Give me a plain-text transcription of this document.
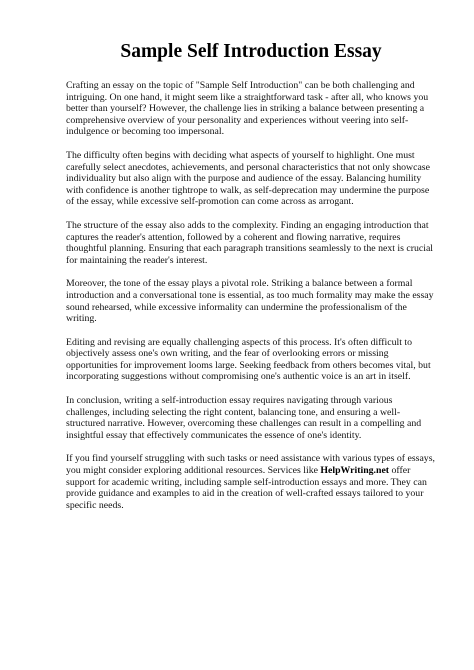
Sample Self Introduction Essay

Crafting an essay on the topic of "Sample Self Introduction" can be both challenging and intriguing. On one hand, it might seem like a straightforward task - after all, who knows you better than yourself? However, the challenge lies in striking a balance between presenting a comprehensive overview of your personality and experiences without veering into self-indulgence or becoming too impersonal.

The difficulty often begins with deciding what aspects of yourself to highlight. One must carefully select anecdotes, achievements, and personal characteristics that not only showcase individuality but also align with the purpose and audience of the essay. Balancing humility with confidence is another tightrope to walk, as self-deprecation may undermine the purpose of the essay, while excessive self-promotion can come across as arrogant.

The structure of the essay also adds to the complexity. Finding an engaging introduction that captures the reader's attention, followed by a coherent and flowing narrative, requires thoughtful planning. Ensuring that each paragraph transitions seamlessly to the next is crucial for maintaining the reader's interest.

Moreover, the tone of the essay plays a pivotal role. Striking a balance between a formal introduction and a conversational tone is essential, as too much formality may make the essay sound rehearsed, while excessive informality can undermine the professionalism of the writing.

Editing and revising are equally challenging aspects of this process. It's often difficult to objectively assess one's own writing, and the fear of overlooking errors or missing opportunities for improvement looms large. Seeking feedback from others becomes vital, but incorporating suggestions without compromising one's authentic voice is an art in itself.

In conclusion, writing a self-introduction essay requires navigating through various challenges, including selecting the right content, balancing tone, and ensuring a well-structured narrative. However, overcoming these challenges can result in a compelling and insightful essay that effectively communicates the essence of one's identity.

If you find yourself struggling with such tasks or need assistance with various types of essays, you might consider exploring additional resources. Services like HelpWriting.net offer support for academic writing, including sample self-introduction essays and more. They can provide guidance and examples to aid in the creation of well-crafted essays tailored to your specific needs.
